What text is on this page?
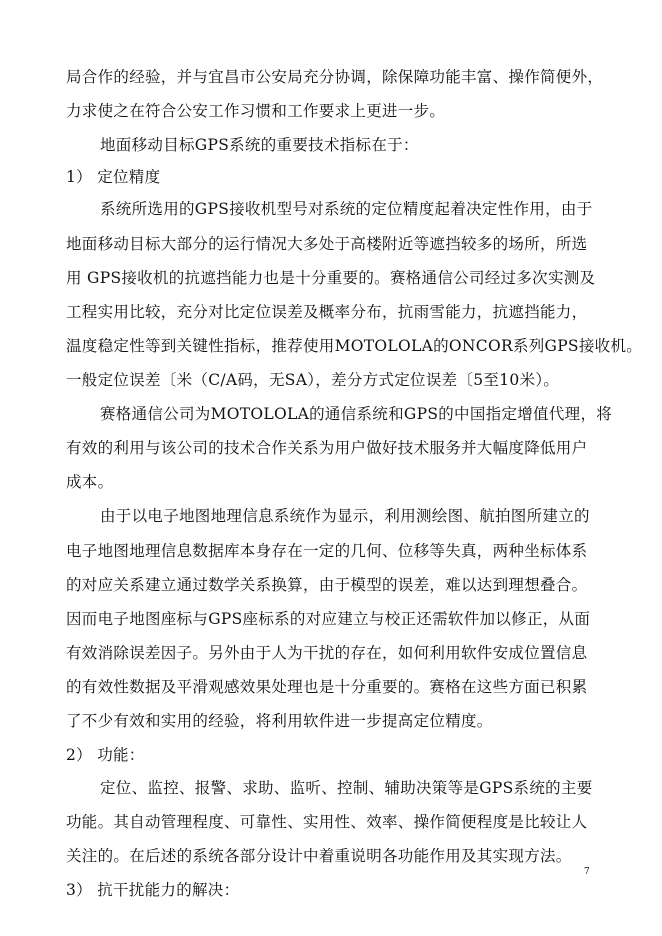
局合作的经验，并与宜昌市公安局充分协调，除保障功能丰富、操作简便外，
力求使之在符合公安工作习惯和工作要求上更进一步。
地面移动目标GPS系统的重要技术指标在于：
1） 定位精度
系统所选用的GPS接收机型号对系统的定位精度起着决定性作用，由于
地面移动目标大部分的运行情况大多处于高楼附近等遮挡较多的场所，所选
用 GPS接收机的抗遮挡能力也是十分重要的。赛格通信公司经过多次实测及
工程实用比较，充分对比定位误差及概率分布，抗雨雪能力，抗遮挡能力，
温度稳定性等到关键性指标，推荐使用MOTOLOLA的ONCOR系列GPS接收机。
一般定位误差〔米（C/A码，无SA），差分方式定位误差〔5至10米）。
赛格通信公司为MOTOLOLA的通信系统和GPS的中国指定增值代理，将
有效的利用与该公司的技术合作关系为用户做好技术服务并大幅度降低用户
成本。
由于以电子地图地理信息系统作为显示，利用测绘图、航拍图所建立的
电子地图地理信息数据库本身存在一定的几何、位移等失真，两种坐标体系
的对应关系建立通过数学关系换算，由于模型的误差，难以达到理想叠合。
因而电子地图座标与GPS座标系的对应建立与校正还需软件加以修正，从面
有效消除误差因子。另外由于人为干扰的存在，如何利用软件安成位置信息
的有效性数据及平滑观感效果处理也是十分重要的。赛格在这些方面已积累
了不少有效和实用的经验，将利用软件进一步提高定位精度。
2） 功能：
定位、监控、报警、求助、监听、控制、辅助决策等是GPS系统的主要
功能。其自动管理程度、可靠性、实用性、效率、操作简便程度是比较让人
关注的。在后述的系统各部分设计中着重说明各功能作用及其实现方法。
3） 抗干扰能力的解决：
7
